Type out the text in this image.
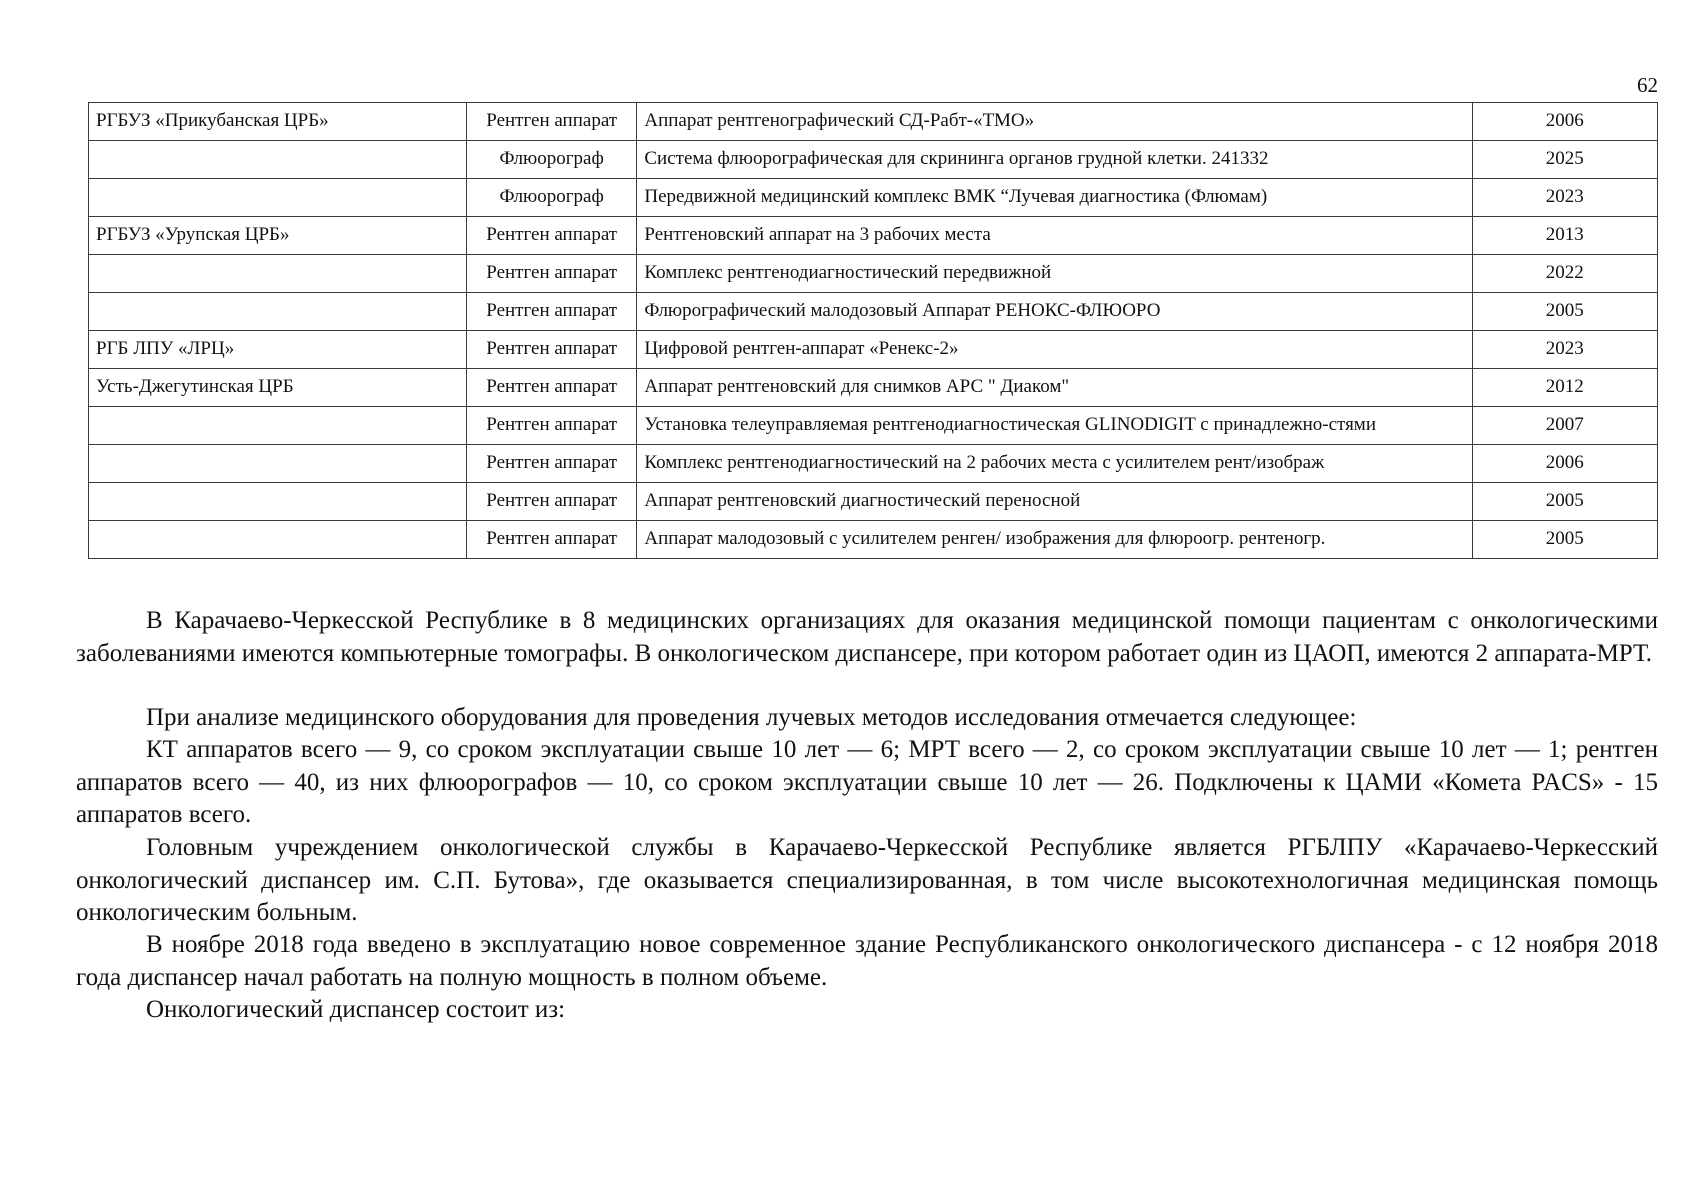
62
РГБУЗ «Прикубанская ЦРБ»	Рентген аппарат	Аппарат рентгенографический СД-Рабт-«ТМО»	2006
	Флюорограф	Система флюорографическая для скрининга органов грудной клетки. 241332	2025
	Флюорограф	Передвижной медицинский комплекс ВМК “Лучевая диагностика (Флюмам)	2023
РГБУЗ «Урупская ЦРБ»	Рентген аппарат	Рентгеновский аппарат на 3 рабочих места	2013
	Рентген аппарат	Комплекс рентгенодиагностический передвижной	2022
	Рентген аппарат	Флюрографический малодозовый Аппарат РЕНОКС-ФЛЮОРО	2005
РГБ ЛПУ «ЛРЦ»	Рентген аппарат	Цифровой рентген-аппарат «Ренекс-2»	2023
Усть-Джегутинская ЦРБ	Рентген аппарат	Аппарат рентгеновский для снимков АРС " Диаком"	2012
	Рентген аппарат	Установка телеуправляемая рентгенодиагностическая GLINODIGIT с принадлежно-стями	2007
	Рентген аппарат	Комплекс рентгенодиагностический на 2 рабочих места с усилителем рент/изображ	2006
	Рентген аппарат	Аппарат рентгеновский диагностический переносной	2005
	Рентген аппарат	Аппарат малодозовый с усилителем ренген/ изображения для флюроогр. рентеногр.	2005

В Карачаево-Черкесской Республике в 8 медицинских организациях для оказания медицинской помощи пациентам с онкологическими заболеваниями имеются компьютерные томографы. В онкологическом диспансере, при котором работает один из ЦАОП, имеются 2 аппарата-МРТ.

При анализе медицинского оборудования для проведения лучевых методов исследования отмечается следующее:

КТ аппаратов всего — 9, со сроком эксплуатации свыше 10 лет — 6; МРТ всего — 2, со сроком эксплуатации свыше 10 лет — 1; рентген аппаратов всего — 40, из них флюорографов — 10, со сроком эксплуатации свыше 10 лет — 26. Подключены к ЦАМИ «Комета PACS» - 15 аппаратов всего.

Головным учреждением онкологической службы в Карачаево-Черкесской Республике является РГБЛПУ «Карачаево-Черкесский онкологический диспансер им. С.П. Бутова», где оказывается специализированная, в том числе высокотехнологичная медицинская помощь онкологическим больным.

В ноябре 2018 года введено в эксплуатацию новое современное здание Республиканского онкологического диспансера - с 12 ноября 2018 года диспансер начал работать на полную мощность в полном объеме.

Онкологический диспансер состоит из:
